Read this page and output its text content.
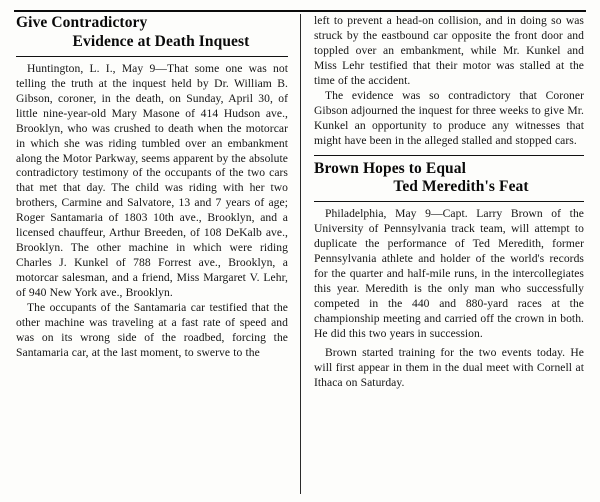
Give Contradictory
Evidence at Death Inquest

Huntington, L. I., May 9—That some one was not telling the truth at the inquest held by Dr. William B. Gibson, coroner, in the death, on Sunday, April 30, of little nine-year-old Mary Masone of 414 Hudson ave., Brooklyn, who was crushed to death when the motorcar in which she was riding tumbled over an embankment along the Motor Parkway, seems apparent by the absolute contradictory testimony of the occupants of the two cars that met that day. The child was riding with her two brothers, Carmine and Salvatore, 13 and 7 years of age; Roger Santamaria of 1803 10th ave., Brooklyn, and a licensed chauffeur, Arthur Breeden, of 108 DeKalb ave., Brooklyn. The other machine in which were riding Charles J. Kunkel of 788 Forrest ave., Brooklyn, a motorcar salesman, and a friend, Miss Margaret V. Lehr, of 940 New York ave., Brooklyn.

The occupants of the Santamaria car testified that the other machine was traveling at a fast rate of speed and was on its wrong side of the roadbed, forcing the Santamaria car, at the last moment, to swerve to the

left to prevent a head-on collision, and in doing so was struck by the eastbound car opposite the front door and toppled over an embankment, while Mr. Kunkel and Miss Lehr testified that their motor was stalled at the time of the accident.

The evidence was so contradictory that Coroner Gibson adjourned the inquest for three weeks to give Mr. Kunkel an opportunity to produce any witnesses that might have been in the alleged stalled and stopped cars.

Brown Hopes to Equal
Ted Meredith's Feat

Philadelphia, May 9—Capt. Larry Brown of the University of Pennsylvania track team, will attempt to duplicate the performance of Ted Meredith, former Pennsylvania athlete and holder of the world's records for the quarter and half-mile runs, in the intercollegiates this year. Meredith is the only man who successfully competed in the 440 and 880-yard races at the championship meeting and carried off the crown in both. He did this two years in succession.

Brown started training for the two events today. He will first appear in them in the dual meet with Cornell at Ithaca on Saturday.
